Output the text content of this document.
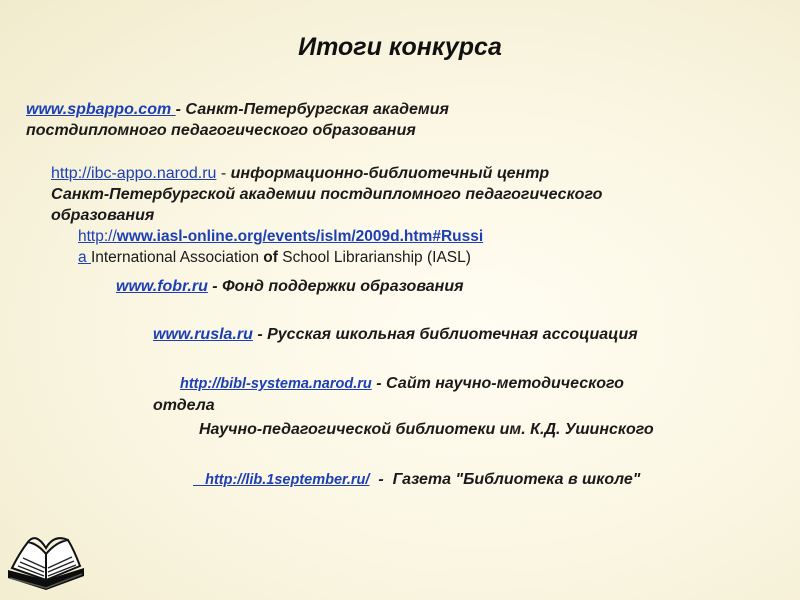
Итоги конкурса

www.spbappo.com - Санкт-Петербургская академия
постдипломного педагогического образования

http://ibc-appo.narod.ru - информационно-библиотечный центр
Санкт-Петербургской академии постдипломного педагогического
образования

http://www.iasl-online.org/events/islm/2009d.htm#Russi
a International Association of School Librarianship (IASL)

www.fobr.ru - Фонд поддержки образования

www.rusla.ru - Русская школьная библиотечная ассоциация

http://bibl-systema.narod.ru - Сайт научно-методического
отдела
Научно-педагогической библиотеки им. К.Д. Ушинского

http://lib.1september.ru/  -  Газета "Библиотека в школе"
